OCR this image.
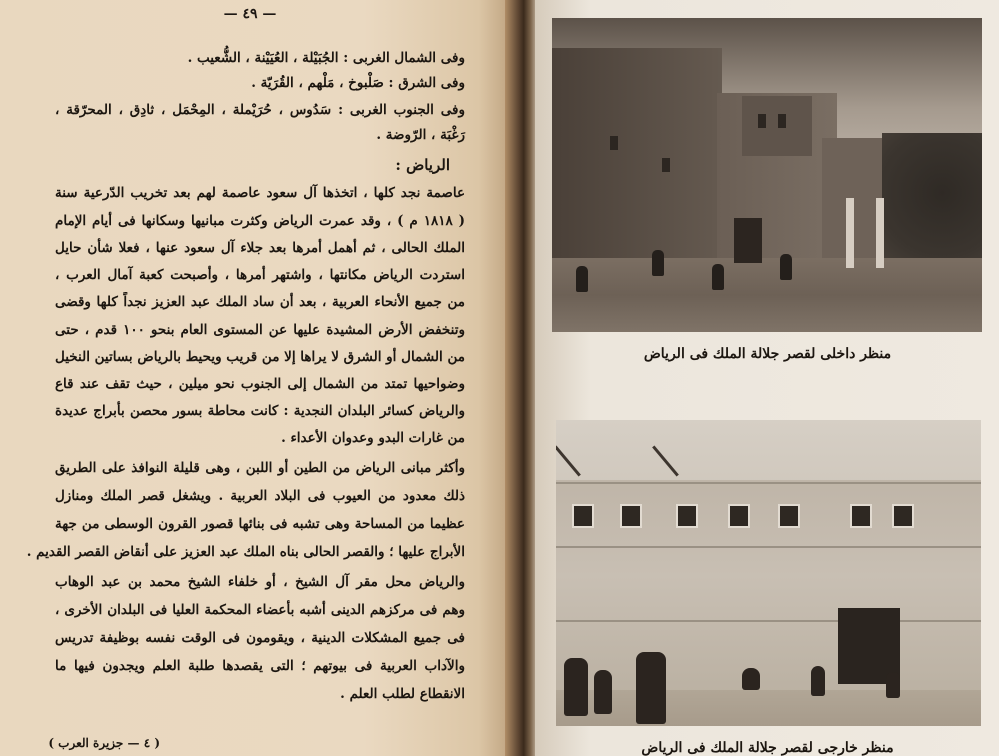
— ٤٩ —
وفى الشمال الغربى : الجُبَيْلة ، العُيَيْنة ، الشُّعيب .
وفى الشرق : صَلْبوخ ، مَلْهم ، القُرَيّة .
وفى الجنوب الغربى : سَدُوس ، حُرَيْملة ، المِحْمَل ، ثادِق ، المحرّقة ،
رَغْبَة ، الرّوضة .
الرياض :
عاصمة نجد كلها ، اتخذها آل سعود عاصمة لهم بعد تخريب الدّرعية سنة
( ١٨١٨ م ) ، وقد عمرت الرياض وكثرت مبانيها وسكانها فى أيام الإمام
الملك الحالى ، ثم أهمل أمرها بعد جلاء آل سعود عنها ، فعلا شأن حايل
استردت الرياض مكانتها ، واشتهر أمرها ، وأصبحت كعبة آمال العرب ،
من جميع الأنحاء العربية ، بعد أن ساد الملك عبد العزيز نجداً كلها وقضى
وتنخفض الأرض المشيدة عليها عن المستوى العام بنحو ١٠٠ قدم ، حتى
من الشمال أو الشرق لا يراها إلا من قريب ويحيط بالرياض بساتين النخيل
وضواحيها تمتد من الشمال إلى الجنوب نحو ميلين ، حيث تقف عند قاع
والرياض كسائر البلدان النجدية : كانت محاطة بسور محصن بأبراج عديدة
من غارات البدو وعدوان الأعداء .
وأكثر مبانى الرياض من الطين أو اللبن ، وهى قليلة النوافذ على الطريق
ذلك معدود من العيوب فى البلاد العربية . ويشغل قصر الملك ومنازل
عظيما من المساحة وهى تشبه فى بنائها قصور القرون الوسطى من جهة
الأبراج عليها ؛ والقصر الحالى بناه الملك عبد العزيز على أنقاض القصر القديم .
والرياض محل مقر آل الشيخ ، أو خلفاء الشيخ محمد بن عبد الوهاب
وهم فى مركزهم الدينى أشبه بأعضاء المحكمة العليا فى البلدان الأخرى ،
فى جميع المشكلات الدينية ، ويقومون فى الوقت نفسه بوظيفة تدريس
والآداب العربية فى بيوتهم ؛ التى يقصدها طلبة العلم ويجدون فيها ما
الانقطاع لطلب العلم .
( ٤ — جزيرة العرب )
منظر داخلى لقصر جلالة الملك فى الرياض
منظر خارجى لقصر جلالة الملك فى الرياض
